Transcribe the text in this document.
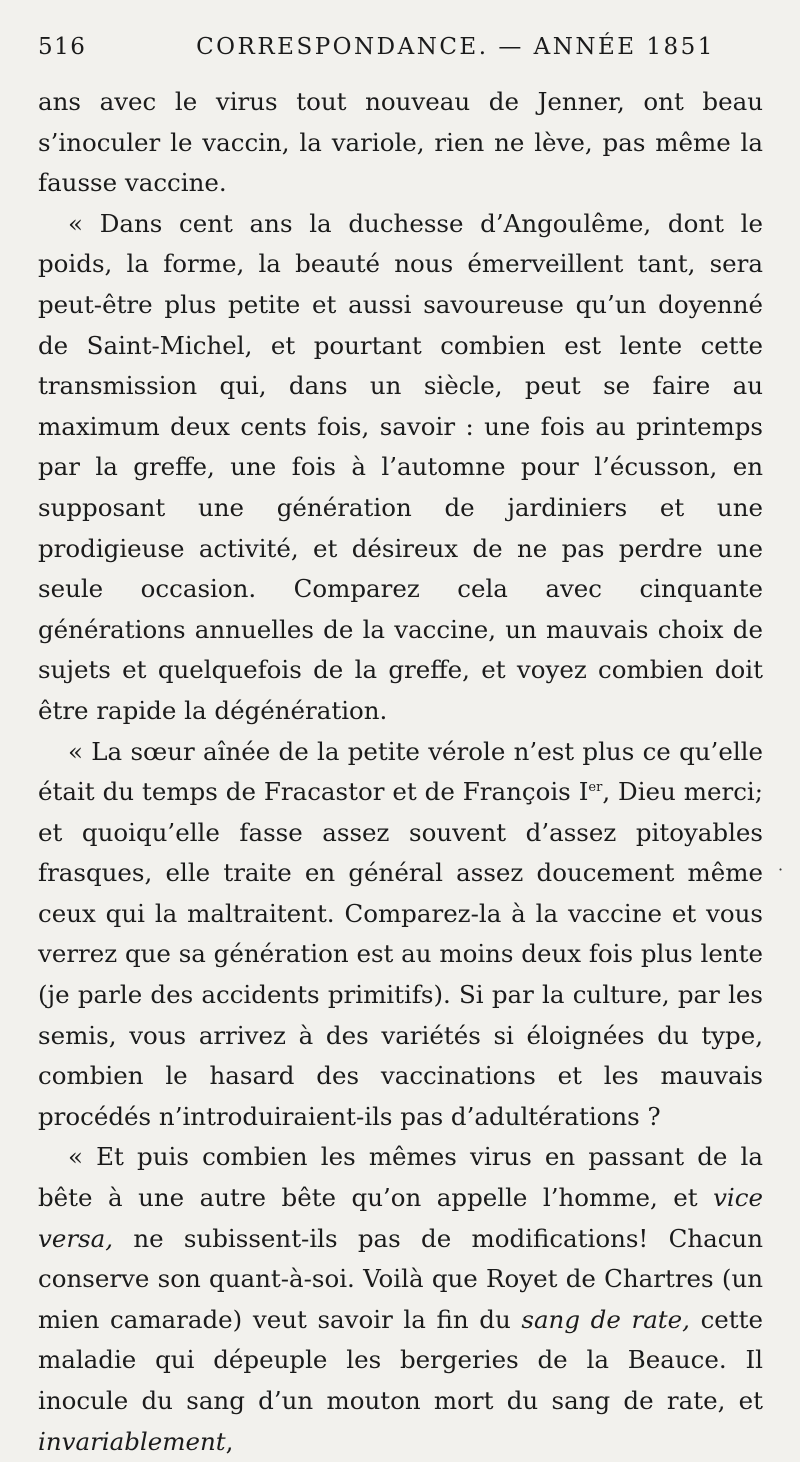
516	CORRESPONDANCE. — ANNÉE 1851

ans avec le virus tout nouveau de Jenner, ont beau s’inoculer le vaccin, la variole, rien ne lève, pas même la fausse vaccine.

« Dans cent ans la duchesse d’Angoulême, dont le poids, la forme, la beauté nous émerveillent tant, sera peut-être plus petite et aussi savoureuse qu’un doyenné de Saint-Michel, et pourtant combien est lente cette transmission qui, dans un siècle, peut se faire au maximum deux cents fois, savoir : une fois au printemps par la greffe, une fois à l’automne pour l’écusson, en supposant une génération de jardiniers et une prodigieuse activité, et désireux de ne pas perdre une seule occasion. Comparez cela avec cinquante générations annuelles de la vaccine, un mauvais choix de sujets et quelquefois de la greffe, et voyez combien doit être rapide la dégénération.

« La sœur aînée de la petite vérole n’est plus ce qu’elle était du temps de Fracastor et de François Ier, Dieu merci; et quoiqu’elle fasse assez souvent d’assez pitoyables frasques, elle traite en général assez doucement même ceux qui la maltraitent. Comparez-la à la vaccine et vous verrez que sa génération est au moins deux fois plus lente (je parle des accidents primitifs). Si par la culture, par les semis, vous arrivez à des variétés si éloignées du type, combien le hasard des vaccinations et les mauvais procédés n’introduiraient-ils pas d’adultérations ?

« Et puis combien les mêmes virus en passant de la bête à une autre bête qu’on appelle l’homme, et vice versa, ne subissent-ils pas de modifications! Chacun conserve son quant-à-soi. Voilà que Royet de Chartres (un mien camarade) veut savoir la fin du sang de rate, cette maladie qui dépeuple les bergeries de la Beauce. Il inocule du sang d’un mouton mort du sang de rate, et invariablement,

·
